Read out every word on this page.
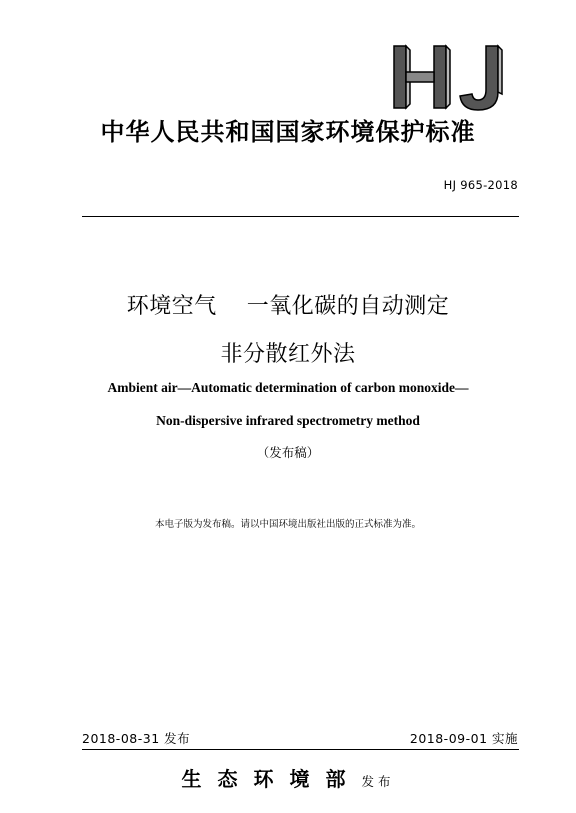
中华人民共和国国家环境保护标准
HJ 965-2018
环境空气    一氧化碳的自动测定
非分散红外法
Ambient air—Automatic determination of carbon monoxide—
Non-dispersive infrared spectrometry method
（发布稿）
本电子版为发布稿。请以中国环境出版社出版的正式标准为准。
2018-08-31 发布	2018-09-01 实施
生态环境部发布
